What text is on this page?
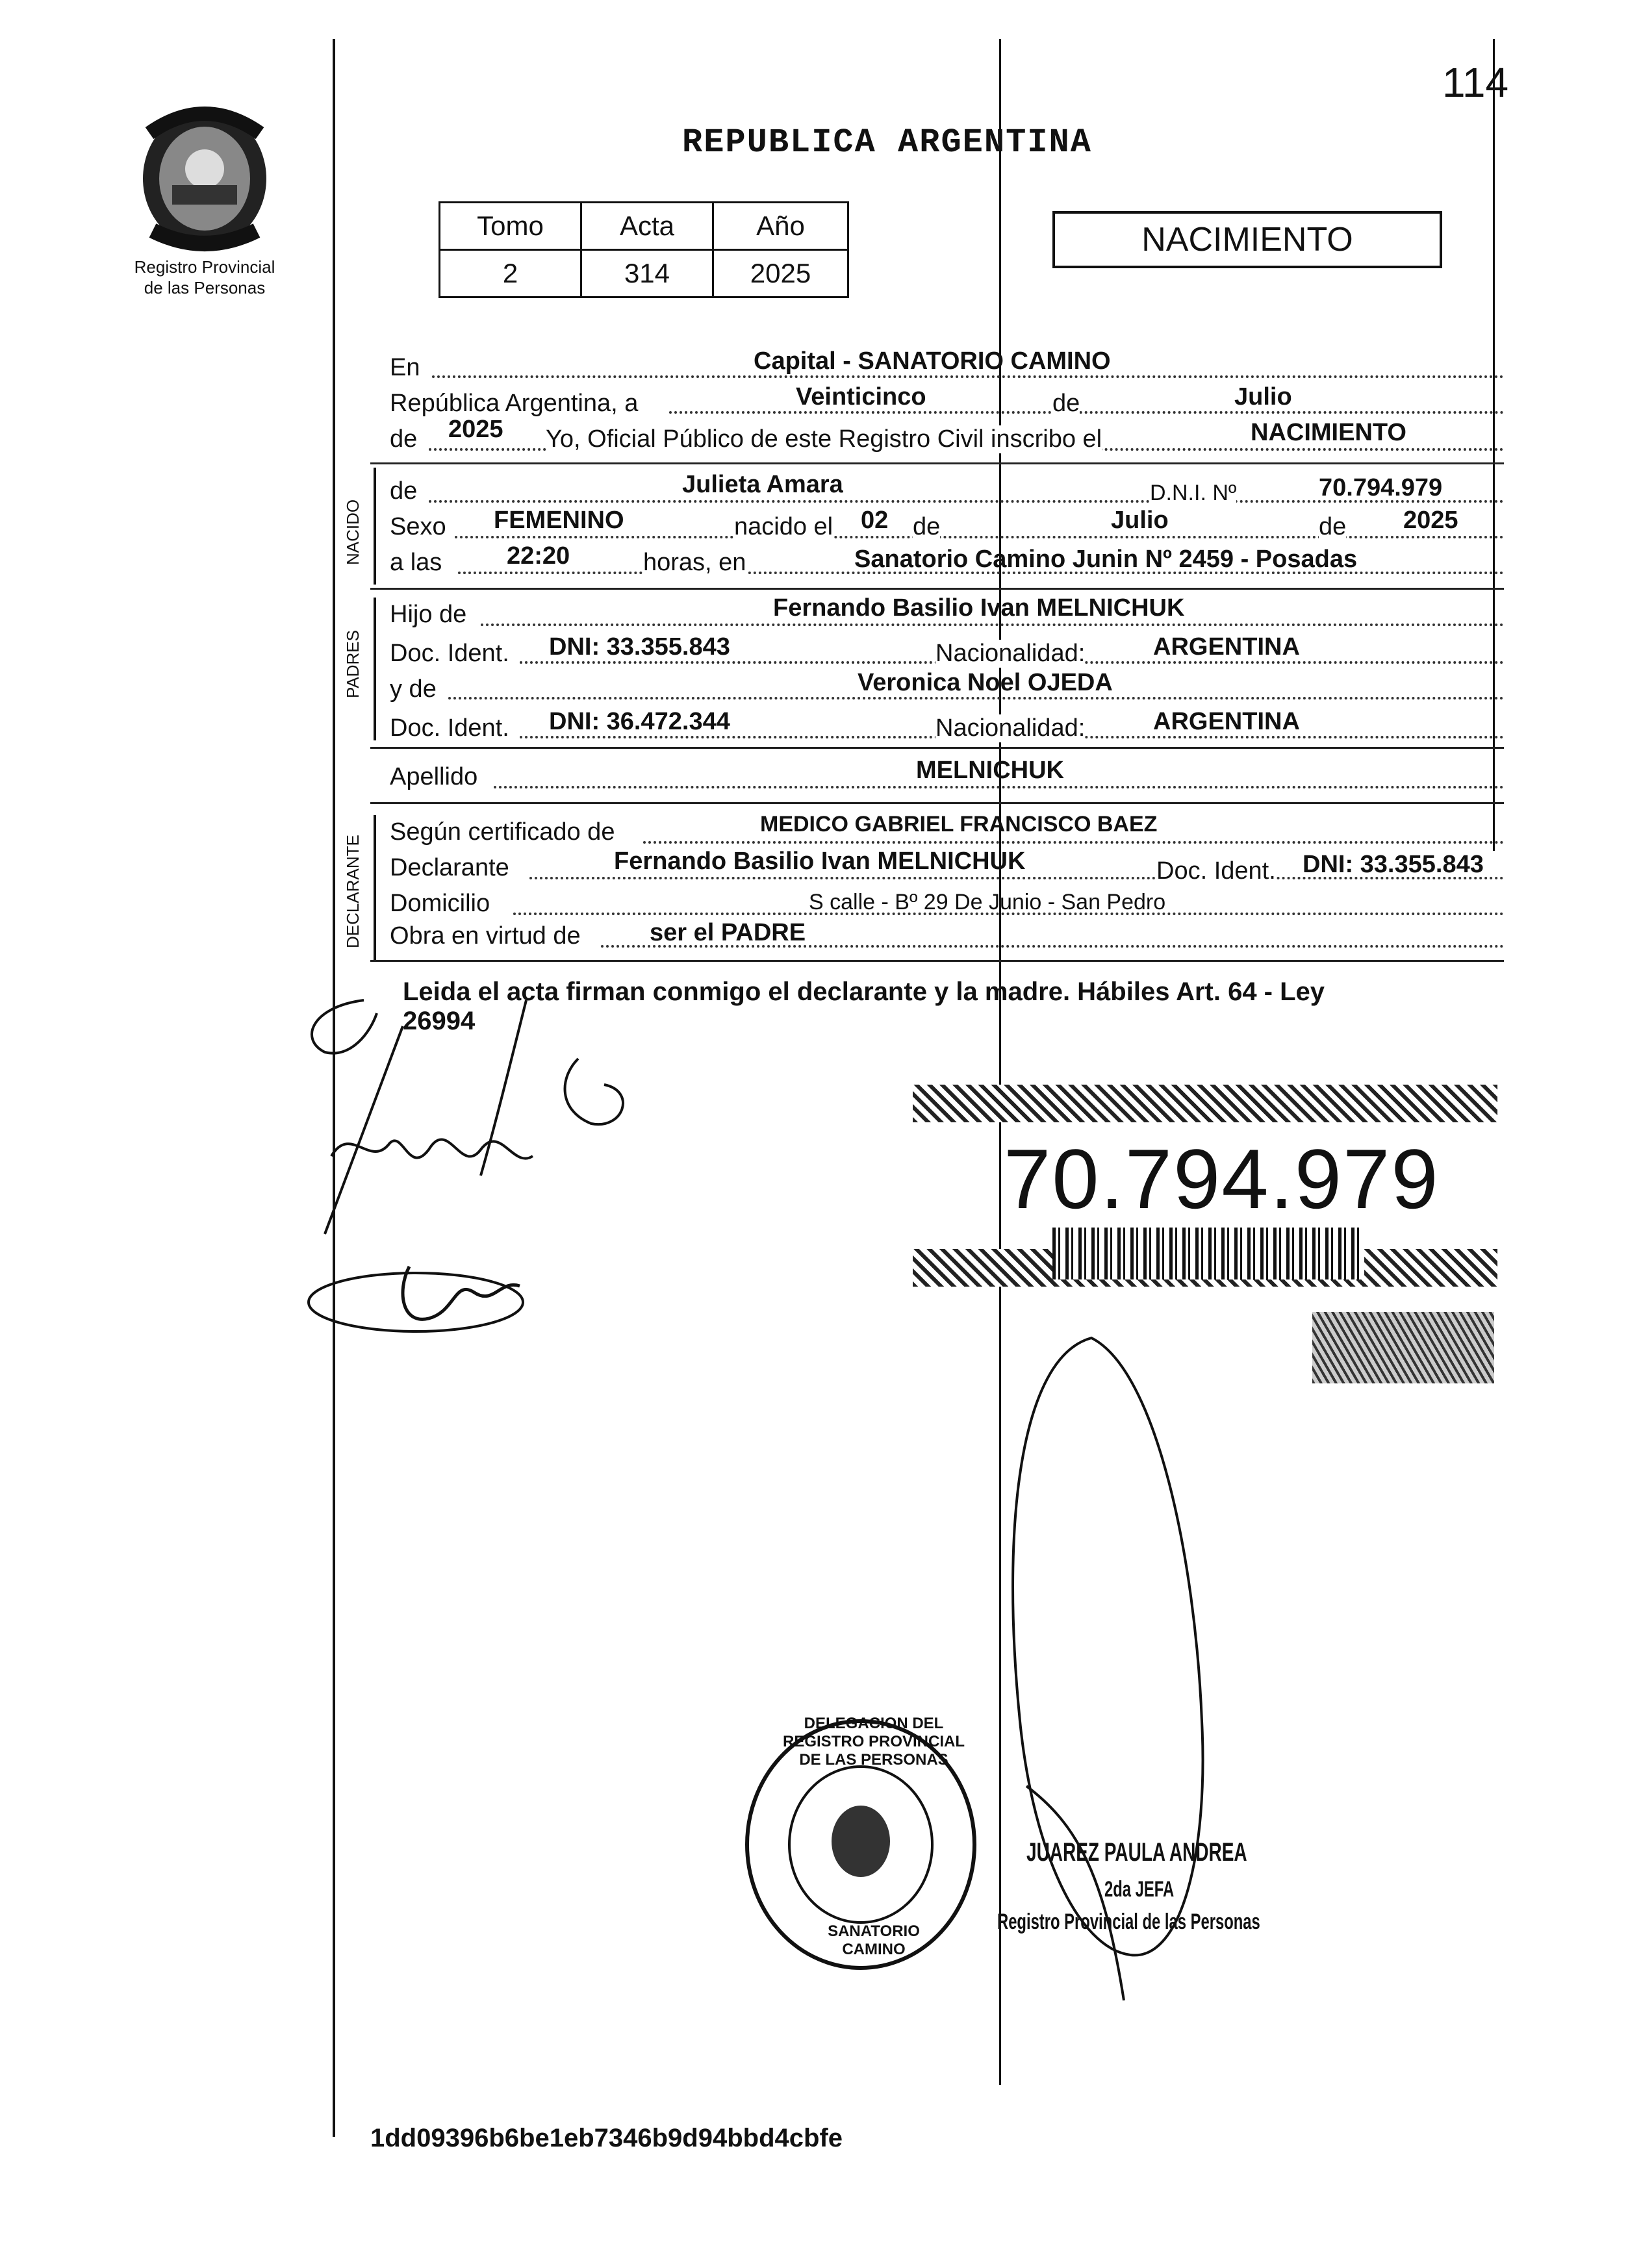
114
Registro Provincial
de las Personas
REPUBLICA ARGENTINA
Tomo	Acta	Año
2	314	2025
NACIMIENTO
En	Capital - SANATORIO CAMINO
República Argentina, a	Veinticinco	de	Julio
de 2025 Yo, Oficial Público de este Registro Civil inscribo el	NACIMIENTO
NACIDO
de	Julieta Amara	D.N.I. Nº	70.794.979
Sexo FEMENINO	nacido el 02 de	Julio	de 2025
a las	22:20	horas, en	Sanatorio Camino Junin Nº 2459 - Posadas
PADRES
Hijo de	Fernando Basilio Ivan MELNICHUK
Doc. Ident. DNI: 33.355.843	Nacionalidad:	ARGENTINA
y de	Veronica Noel OJEDA
Doc. Ident. DNI: 36.472.344	Nacionalidad:	ARGENTINA
Apellido	MELNICHUK
DECLARANTE
Según certificado de	MEDICO GABRIEL FRANCISCO BAEZ
Declarante	Fernando Basilio Ivan MELNICHUK	Doc. Ident. DNI: 33.355.843
Domicilio	S calle - Bº 29 De Junio - San Pedro
Obra en virtud de	ser el PADRE
Leida el acta firman conmigo el declarante y la madre. Hábiles Art. 64 - Ley
26994
70.794.979
DELEGACION DEL REGISTRO PROVINCIAL DE LAS PERSONAS
SANATORIO CAMINO
JUAREZ PAULA ANDREA
2da JEFA
Registro Provincial de las Personas
1dd09396b6be1eb7346b9d94bbd4cbfe
